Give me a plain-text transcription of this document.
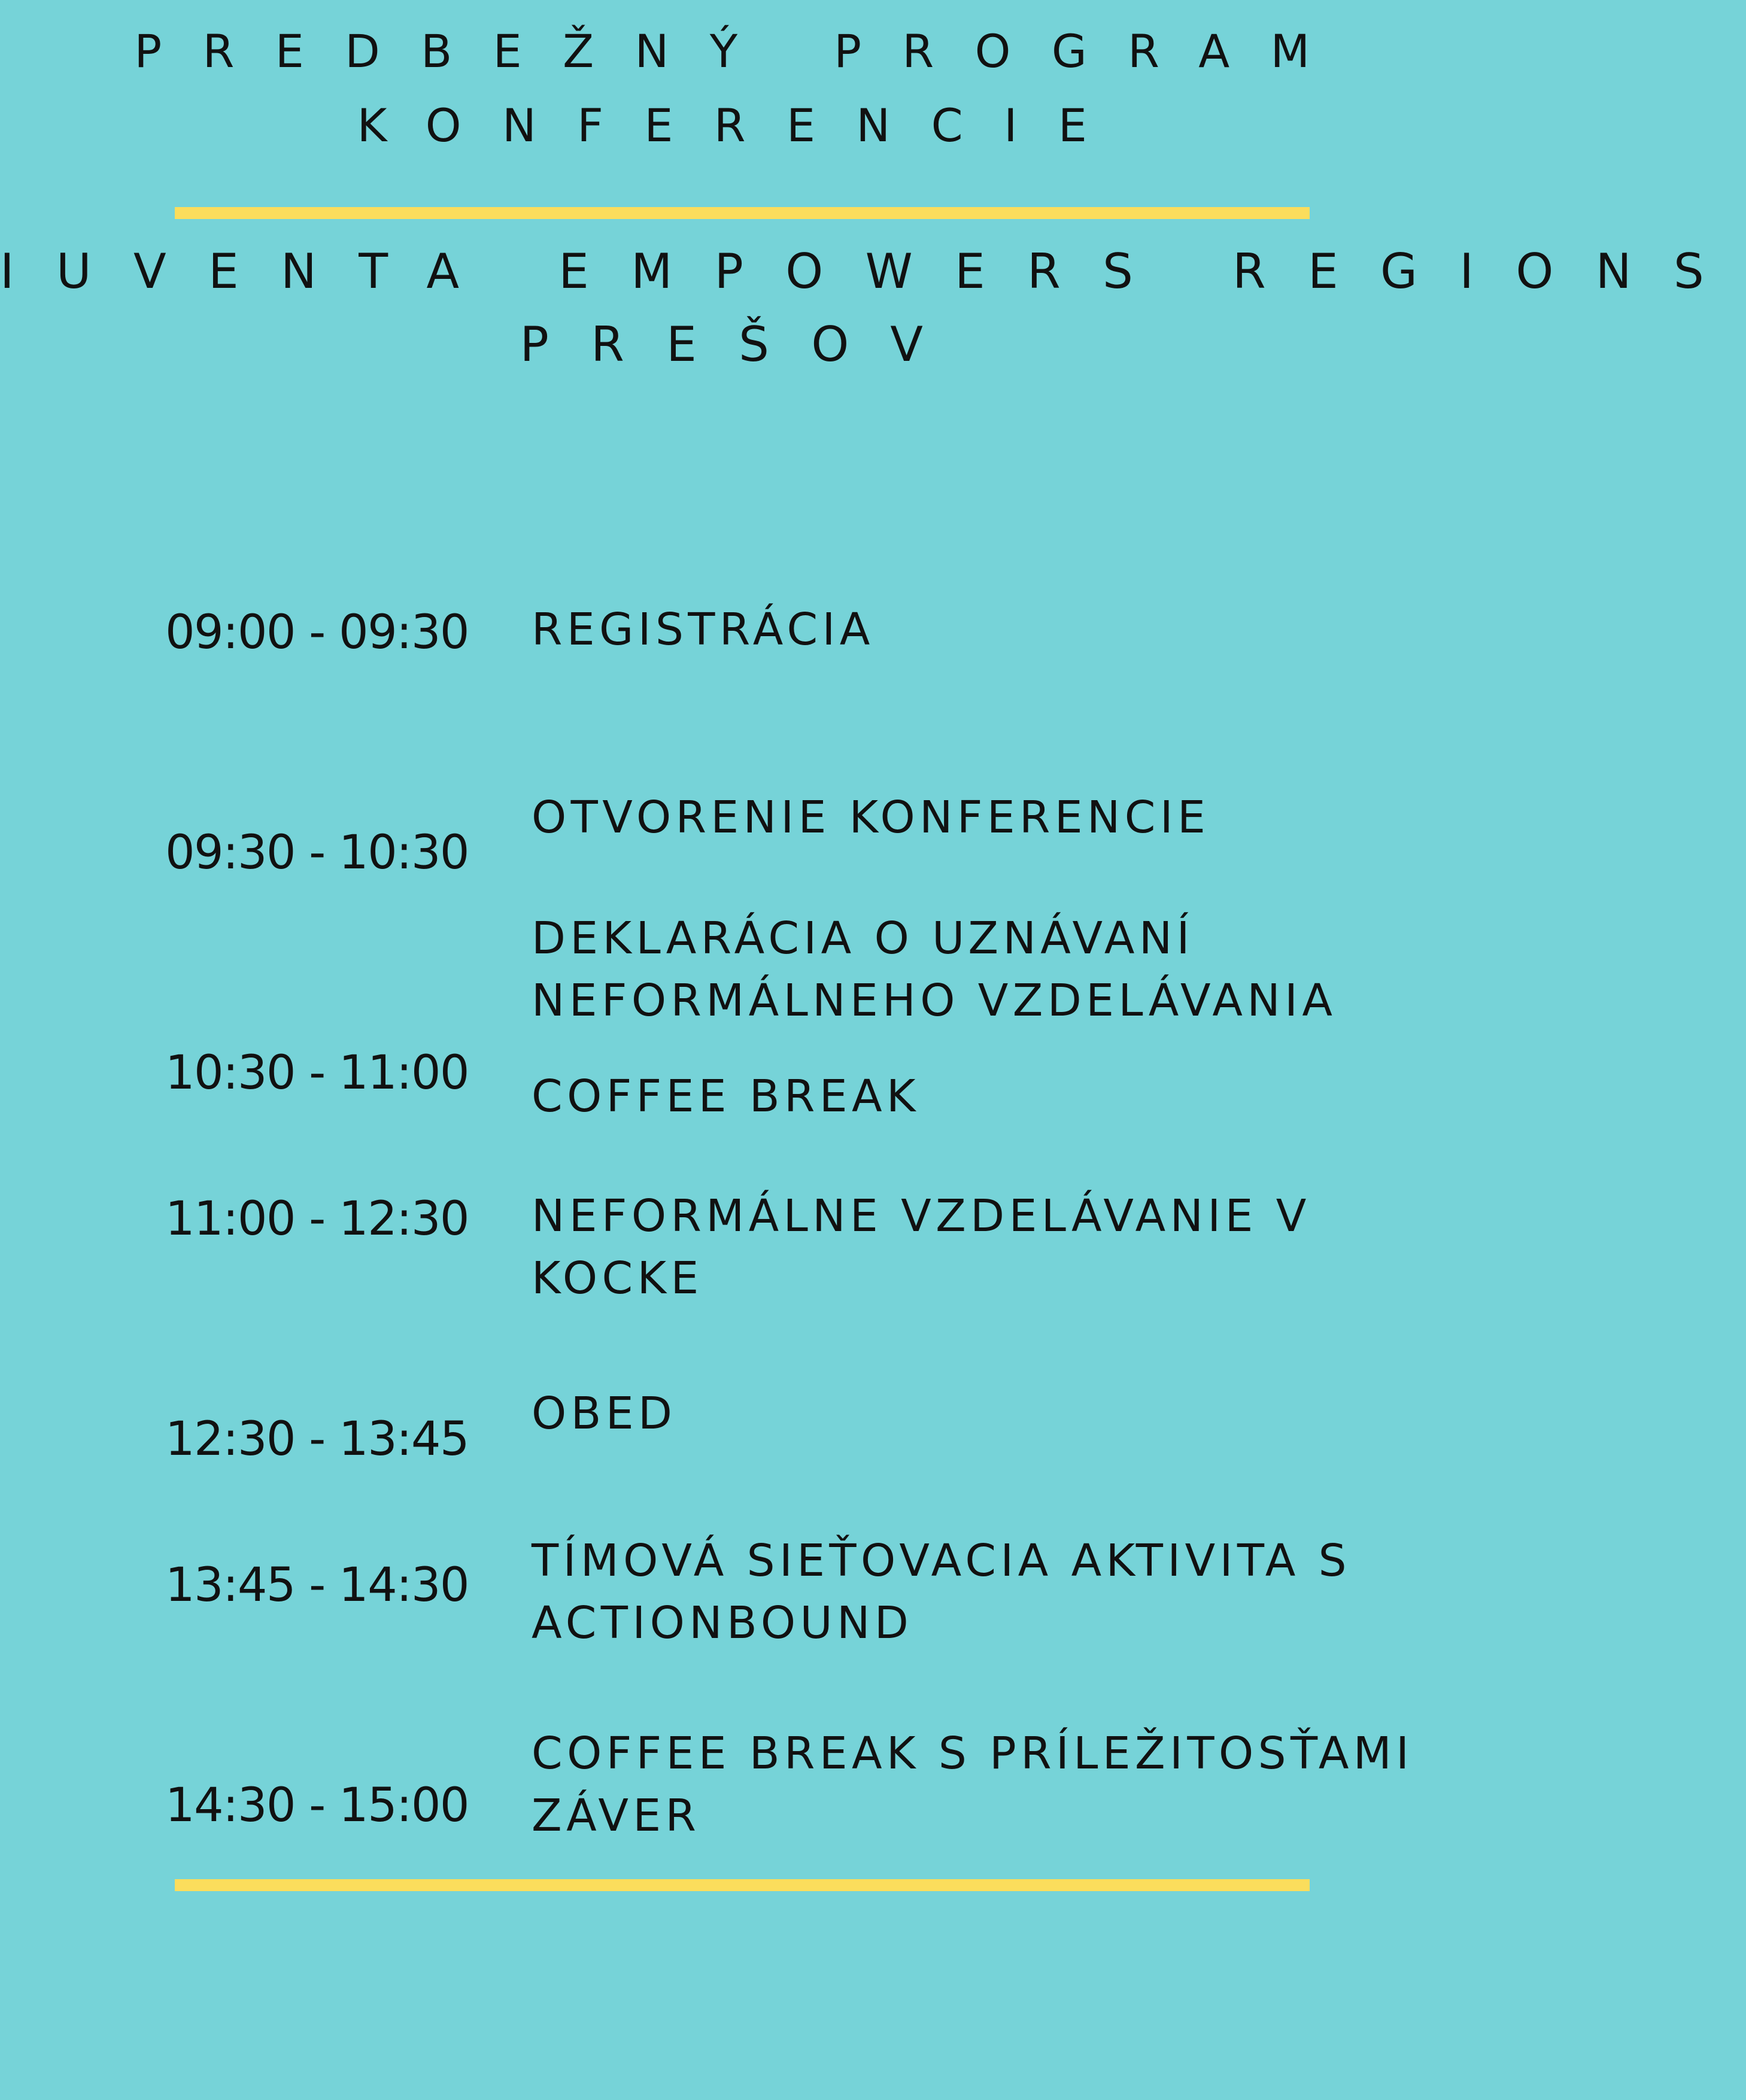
PREDBEŽNÝ PROGRAM
KONFERENCIE
IUVENTA EMPOWERS REGIONS
PREŠOV
09:00 - 09:30
09:30 - 10:30
10:30 - 11:00
11:00 - 12:30
12:30 - 13:45
13:45 - 14:30
14:30 - 15:00
REGISTRÁCIA
OTVORENIE KONFERENCIE
DEKLARÁCIA O UZNÁVANÍ
NEFORMÁLNEHO VZDELÁVANIA
COFFEE BREAK
NEFORMÁLNE VZDELÁVANIE V
KOCKE
OBED
TÍMOVÁ SIEŤOVACIA AKTIVITA S
ACTIONBOUND
COFFEE BREAK S PRÍLEŽITOSŤAMI
ZÁVER
